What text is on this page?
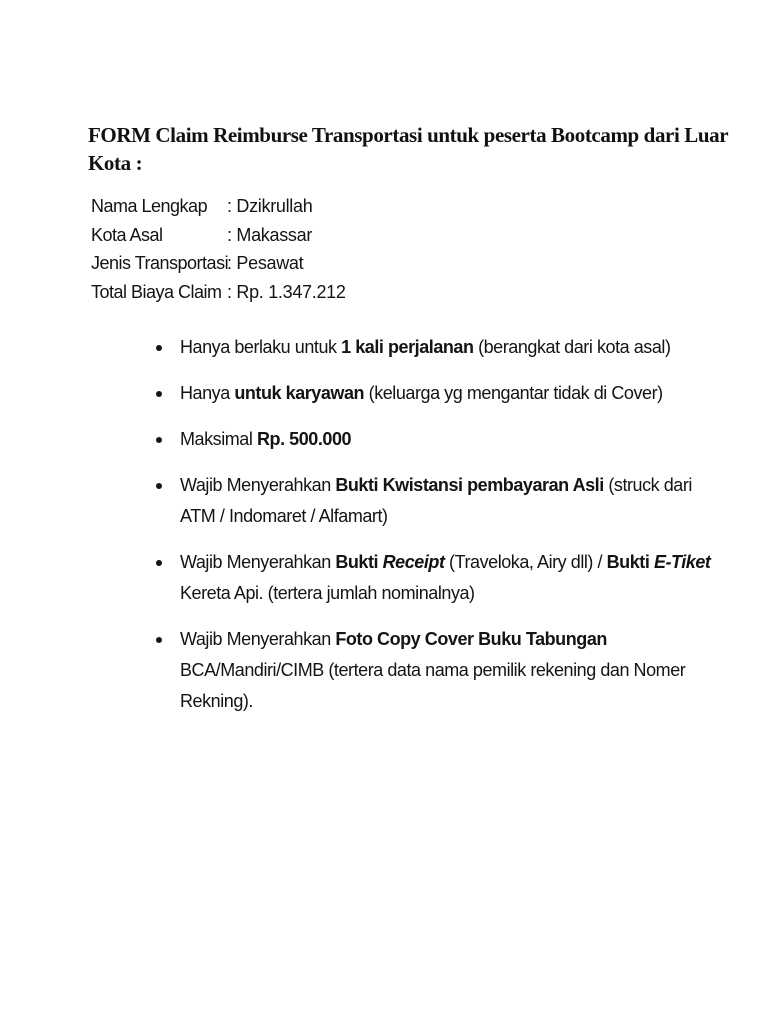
FORM Claim Reimburse Transportasi untuk peserta Bootcamp dari Luar
Kota :
Nama Lengkap	: Dzikrullah
Kota Asal	: Makassar
Jenis Transportasi
: Pesawat
Total Biaya Claim : Rp. 1.347.212

Hanya berlaku untuk 1 kali perjalanan (berangkat dari kota asal)

Hanya untuk karyawan (keluarga yg mengantar tidak di Cover)

Maksimal Rp. 500.000

Wajib Menyerahkan Bukti Kwistansi pembayaran Asli (struck dari
ATM / Indomaret / Alfamart)

Wajib Menyerahkan Bukti Receipt (Traveloka, Airy dll) / Bukti E-Tiket
Kereta Api. (tertera jumlah nominalnya)

Wajib Menyerahkan Foto Copy Cover Buku Tabungan
BCA/Mandiri/CIMB (tertera data nama pemilik rekening dan Nomer
Rekning).
